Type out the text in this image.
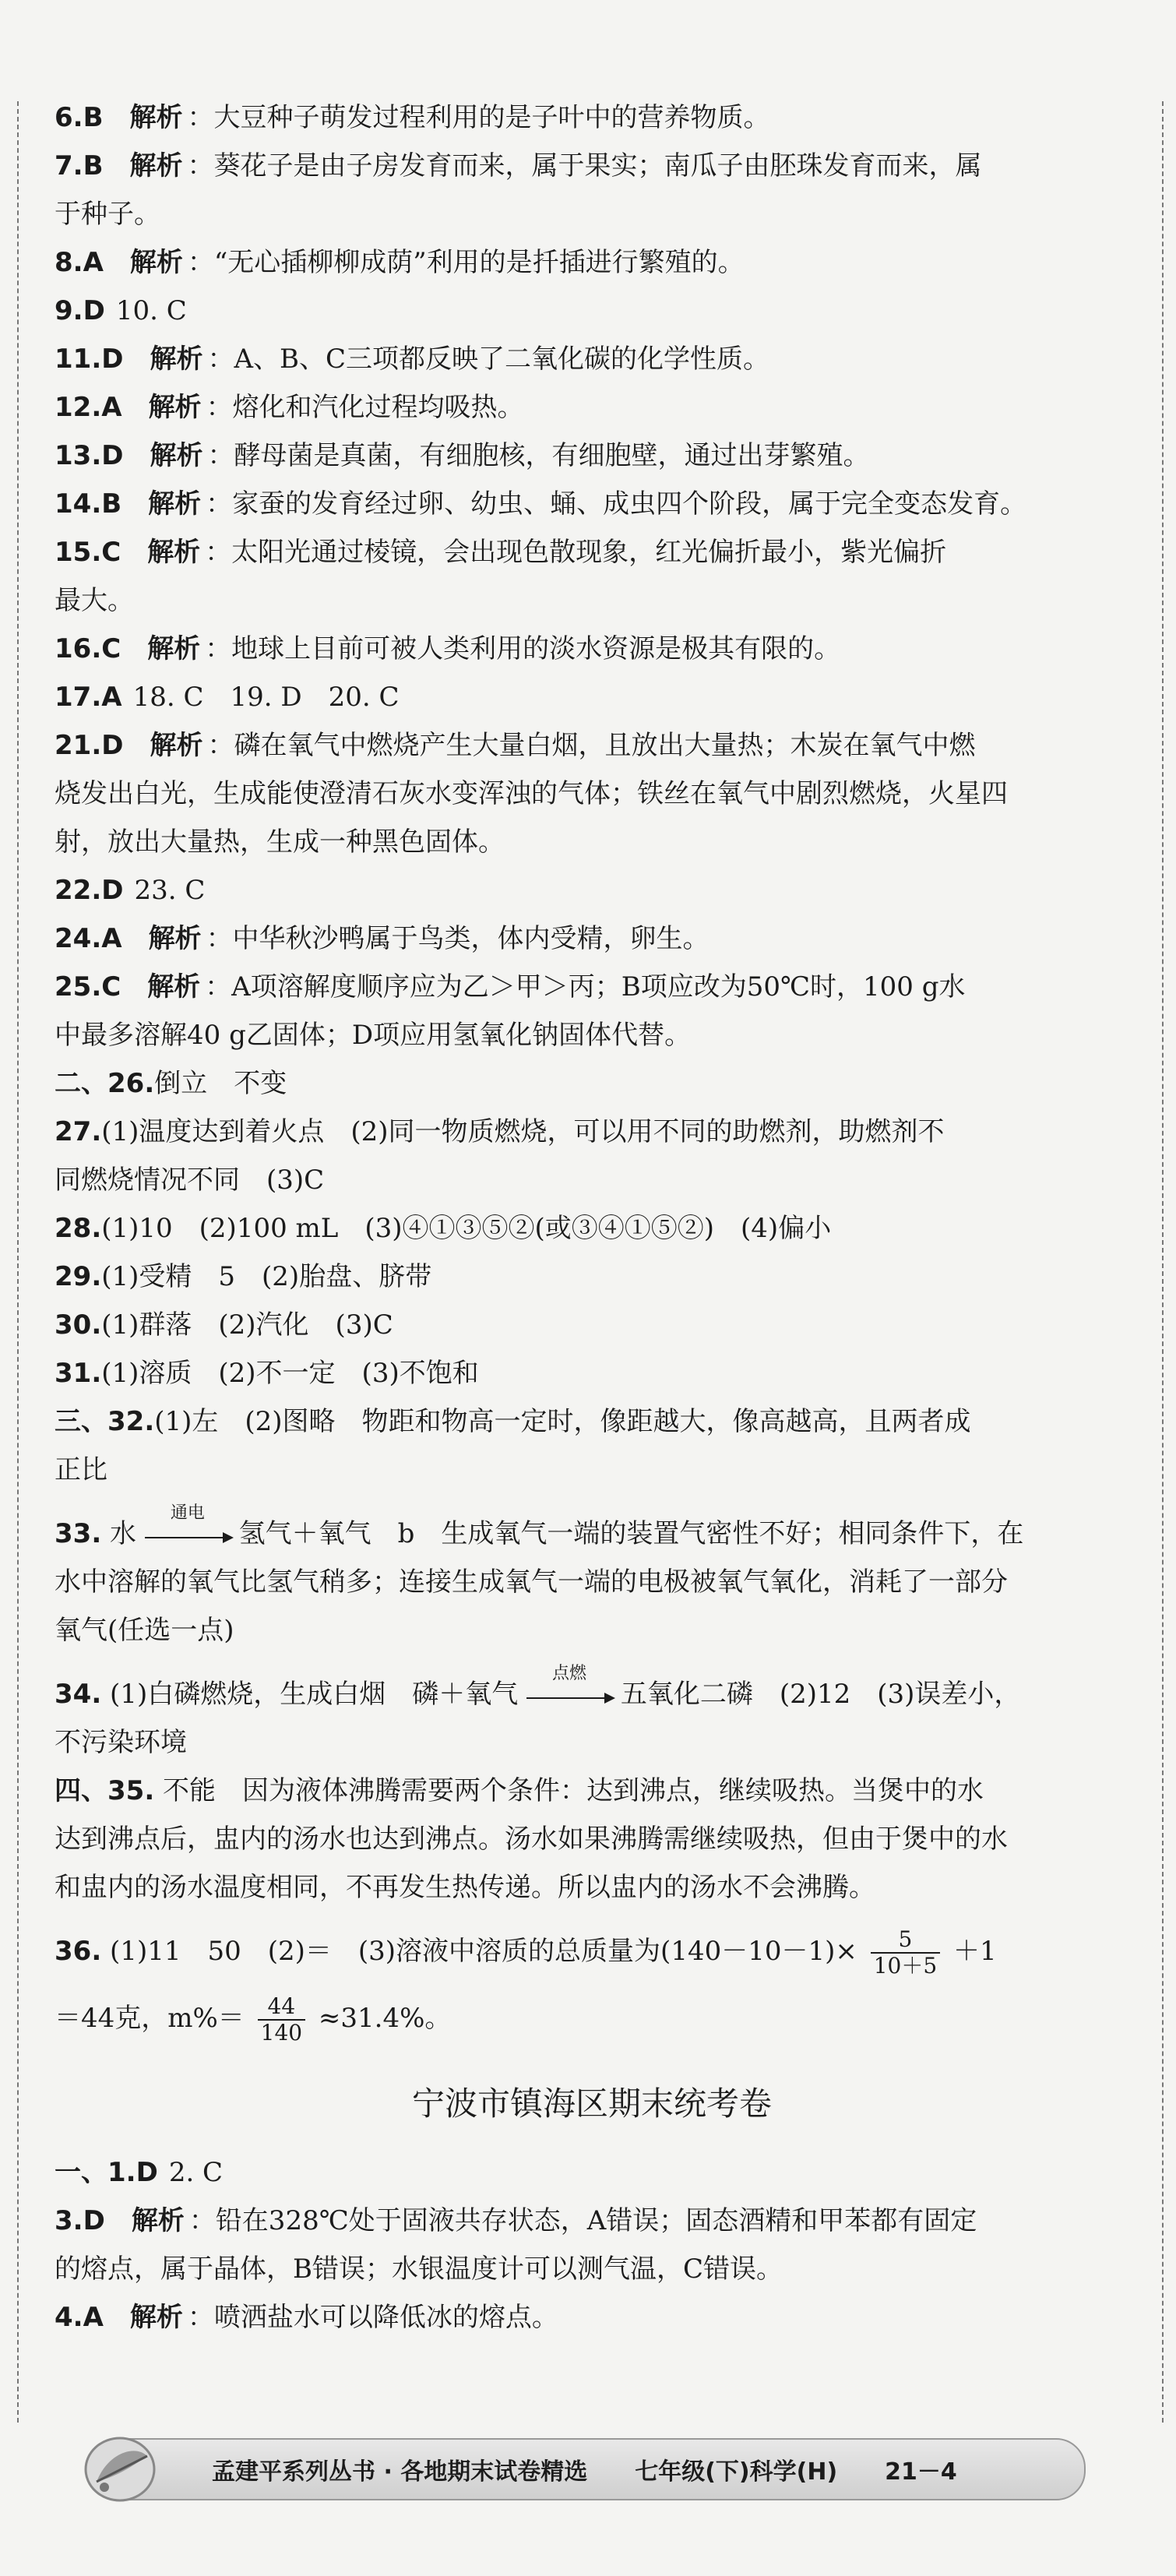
6.B 解析 ：大豆种子萌发过程利用的是子叶中的营养物质。
7.B 解析 ：葵花子是由子房发育而来，属于果实；南瓜子由胚珠发育而来，属
于种子。
8.A 解析 ：“无心插柳柳成荫”利用的是扦插进行繁殖的。
9.D 10. C
11.D 解析 ：A、B、C三项都反映了二氧化碳的化学性质。
12.A 解析 ：熔化和汽化过程均吸热。
13.D 解析 ：酵母菌是真菌，有细胞核，有细胞壁，通过出芽繁殖。
14.B 解析 ：家蚕的发育经过卵、幼虫、蛹、成虫四个阶段，属于完全变态发育。
15.C 解析 ：太阳光通过棱镜，会出现色散现象，红光偏折最小，紫光偏折
最大。
16.C 解析 ：地球上目前可被人类利用的淡水资源是极其有限的。
17.A 18. C　19. D　20. C
21.D 解析 ：磷在氧气中燃烧产生大量白烟，且放出大量热；木炭在氧气中燃
烧发出白光，生成能使澄清石灰水变浑浊的气体；铁丝在氧气中剧烈燃烧，火星四
射，放出大量热，生成一种黑色固体。
22.D 23. C
24.A 解析 ：中华秋沙鸭属于鸟类，体内受精，卵生。
25.C 解析 ：A项溶解度顺序应为乙＞甲＞丙；B项应改为50℃时，100 g水
中最多溶解40 g乙固体；D项应用氢氧化钠固体代替。
二、26.倒立　不变
27.(1)温度达到着火点　(2)同一物质燃烧，可以用不同的助燃剂，助燃剂不
同燃烧情况不同　(3)C
28.(1)10　(2)100 mL　(3)④①③⑤②(或③④①⑤②)　(4)偏小
29.(1)受精　5　(2)胎盘、脐带
30.(1)群落　(2)汽化　(3)C
31.(1)溶质　(2)不一定　(3)不饱和
三、32.(1)左　(2)图略　物距和物高一定时，像距越大，像高越高，且两者成
正比
33. 水
通电
氢气＋氧气　b　生成氧气一端的装置气密性不好；相同条件下，在
水中溶解的氧气比氢气稍多；连接生成氧气一端的电极被氧气氧化，消耗了一部分
氧气(任选一点)
34. (1)白磷燃烧，生成白烟　磷＋氧气
点燃
五氧化二磷　(2)12　(3)误差小，
不污染环境
四、35. 不能　因为液体沸腾需要两个条件：达到沸点，继续吸热。当煲中的水
达到沸点后，盅内的汤水也达到沸点。汤水如果沸腾需继续吸热，但由于煲中的水
和盅内的汤水温度相同，不再发生热传递。所以盅内的汤水不会沸腾。
36. (1)11　50　(2)＝　(3)溶液中溶质的总质量为$(140-10-1)\times \frac{5}{10+5} +1$
＝44克，$m\%= \frac{44}{140} \approx 31.4\%$。
宁波市镇海区期末统考卷
一、1.D 2. C
3.D 解析 ：铅在328℃处于固液共存状态，A错误；固态酒精和甲苯都有固定
的熔点，属于晶体，B错误；水银温度计可以测气温，C错误。
4.A 解析 ：喷洒盐水可以降低冰的熔点。
孟建平系列丛书 · 各地期末试卷精选 七年级(下)科学(H) 21－4
